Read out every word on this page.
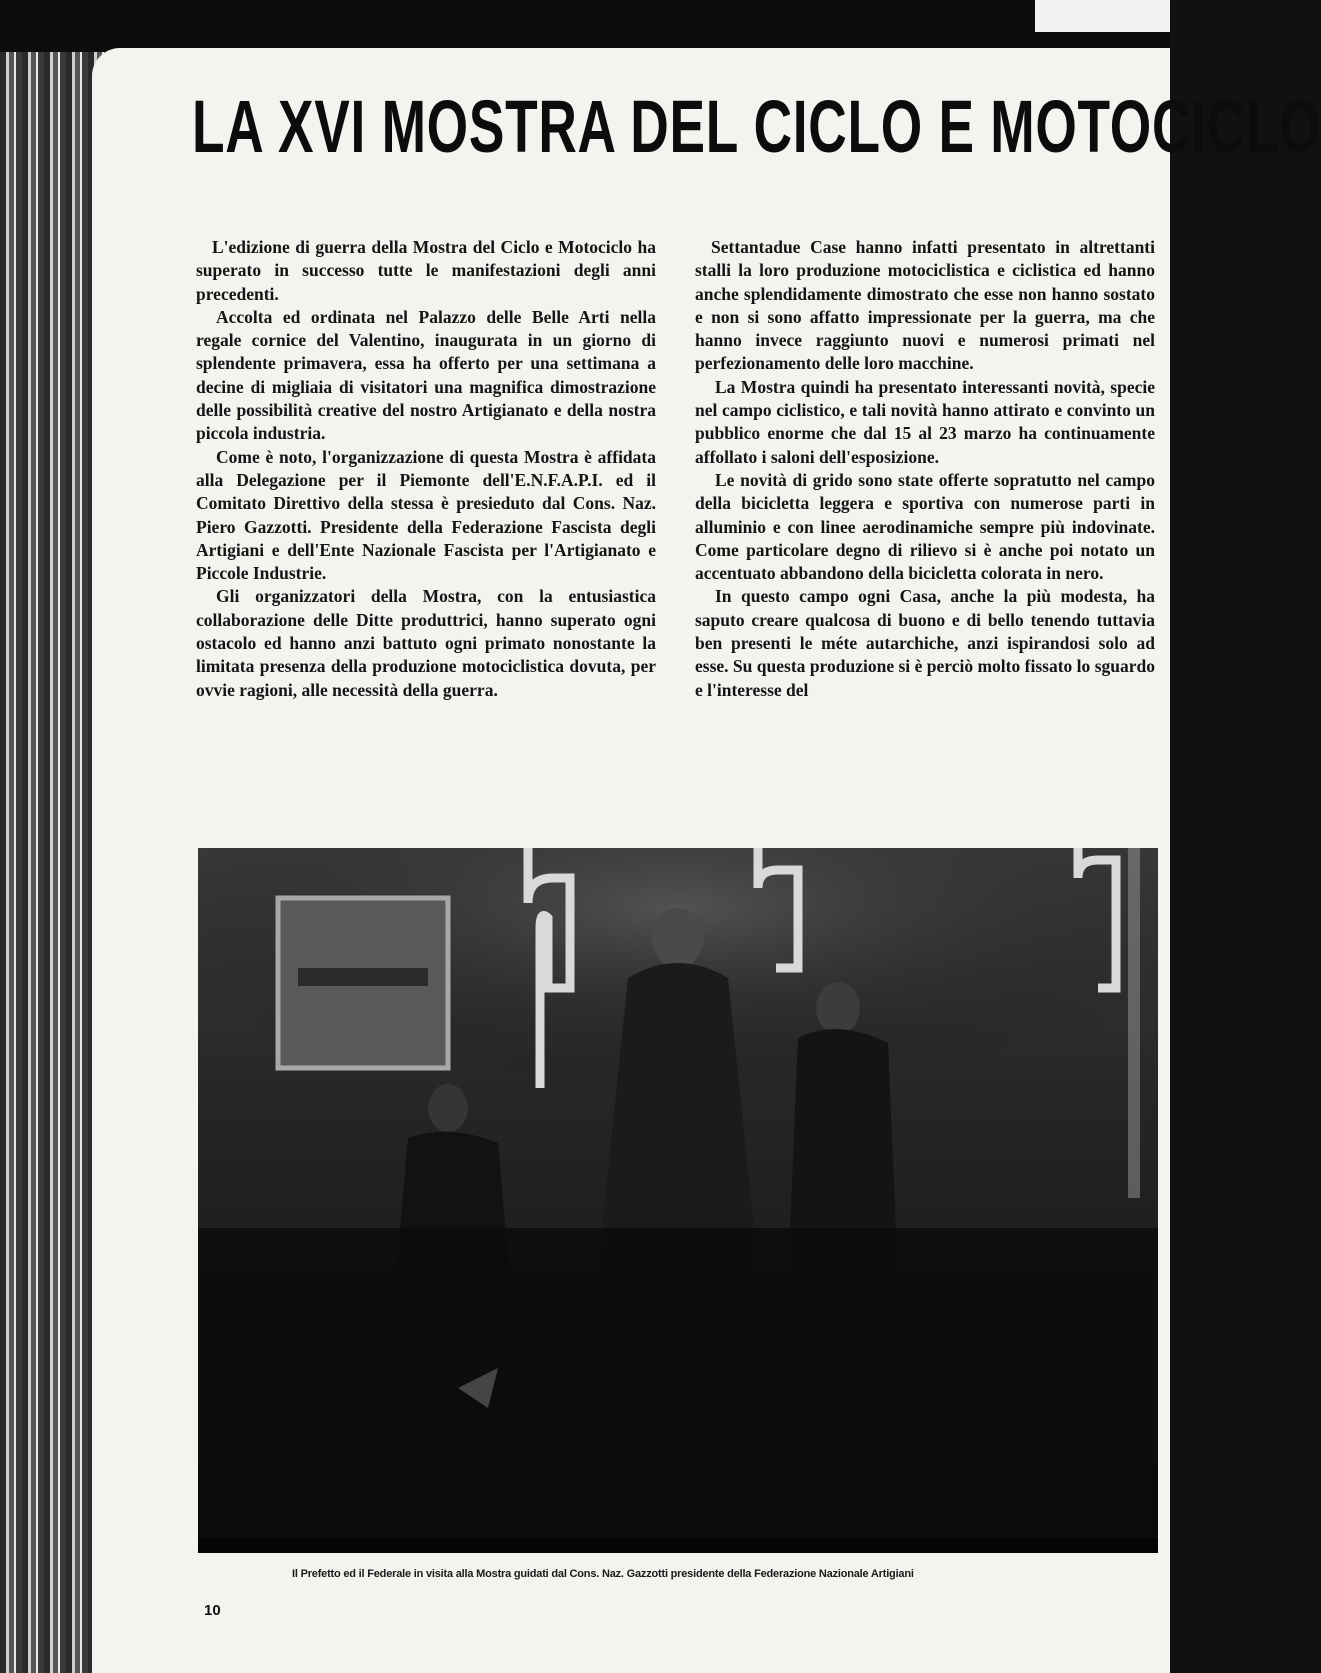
LA XVI MOSTRA DEL CICLO E MOTOCICLO

L'edizione di guerra della Mostra del Ciclo e Motociclo ha superato in successo tutte le manifestazioni degli anni precedenti.

Accolta ed ordinata nel Palazzo delle Belle Arti nella regale cornice del Valentino, inaugurata in un giorno di splendente primavera, essa ha offerto per una settimana a decine di migliaia di visitatori una magnifica dimostrazione delle possibilità creative del nostro Artigianato e della nostra piccola industria.

Come è noto, l'organizzazione di questa Mostra è affidata alla Delegazione per il Piemonte dell'E.N.F.A.P.I. ed il Comitato Direttivo della stessa è presieduto dal Cons. Naz. Piero Gazzotti. Presidente della Federazione Fascista degli Artigiani e dell'Ente Nazionale Fascista per l'Artigianato e Piccole Industrie.

Gli organizzatori della Mostra, con la entusiastica collaborazione delle Ditte produttrici, hanno superato ogni ostacolo ed hanno anzi battuto ogni primato nonostante la limitata presenza della produzione motociclistica dovuta, per ovvie ragioni, alle necessità della guerra.

Settantadue Case hanno infatti presentato in altrettanti stalli la loro produzione motociclistica e ciclistica ed hanno anche splendidamente dimostrato che esse non hanno sostato e non si sono affatto impressionate per la guerra, ma che hanno invece raggiunto nuovi e numerosi primati nel perfezionamento delle loro macchine.

La Mostra quindi ha presentato interessanti novità, specie nel campo ciclistico, e tali novità hanno attirato e convinto un pubblico enorme che dal 15 al 23 marzo ha continuamente affollato i saloni dell'esposizione.

Le novità di grido sono state offerte sopratutto nel campo della bicicletta leggera e sportiva con numerose parti in alluminio e con linee aerodinamiche sempre più indovinate. Come particolare degno di rilievo si è anche poi notato un accentuato abbandono della bicicletta colorata in nero.

In questo campo ogni Casa, anche la più modesta, ha saputo creare qualcosa di buono e di bello tenendo tuttavia ben presenti le méte autarchiche, anzi ispirandosi solo ad esse. Su questa produzione si è perciò molto fissato lo sguardo e l'interesse del

Il Prefetto ed il Federale in visita alla Mostra guidati dal Cons. Naz. Gazzotti presidente della Federazione Nazionale Artigiani
10
